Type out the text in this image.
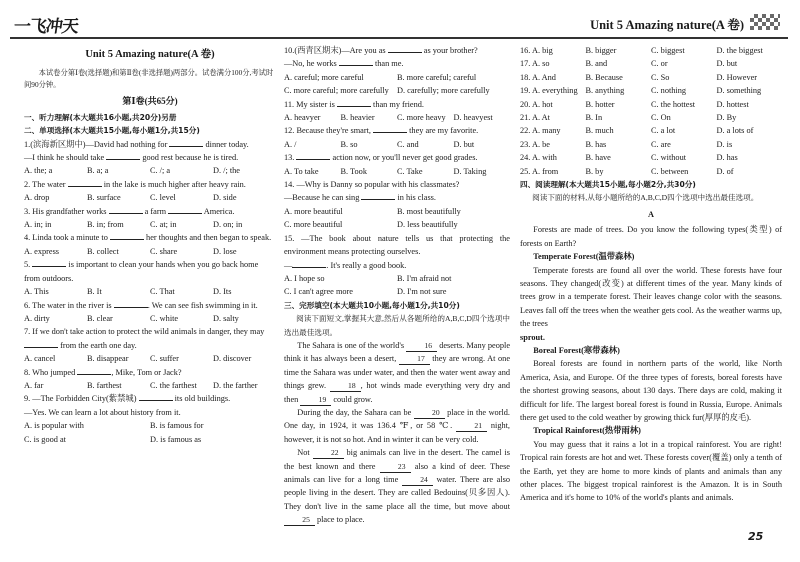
一飞冲天	Unit 5 Amazing nature(A 卷)
Unit 5 Amazing nature(A 卷)
本试卷分第Ⅰ卷(选择题)和第Ⅱ卷(非选择题)两部分。试卷满分100分,考试时间90分钟。
第Ⅰ卷(共65分)
一、听力理解(本大题共16小题,共20分)另册
二、单项选择(本大题共15小题,每小题1分,共15分)
1.(滨海新区期中)—David had nothing for	dinner today.
—I think he should take	good rest because he is tired.
A. the; a	B. a; a	C. /; a	D. /; the
2. The water	in the lake is much higher after heavy rain.
A. drop	B. surface	C. level	D. side
3. His grandfather works	a farm	America.
A. in; in	B. in; from	C. at; in	D. on; in
4. Linda took a minute to	her thoughts and then began to speak.
A. express	B. collect	C. share	D. lose
5.	is important to clean your hands when you go back home from outdoors.
A. This	B. It	C. That	D. Its
6. The water in the river is	. We can see fish swimming in it.
A. dirty	B. clear	C. white	D. salty
7. If we don't take action to protect the wild animals in danger, they may  from the earth one day.
A. cancel	B. disappear	C. suffer	D. discover
8. Who jumped	, Mike, Tom or Jack?
A. far	B. farthest	C. the farthest	D. the farther
9. —The Forbidden City(紫禁城)	its old buildings.
—Yes. We can learn a lot about history from it.
A. is popular with	B. is famous for
C. is good at	D. is famous as
10.(西青区期末)—Are you as	as your brother?
—No, he works	than me.
A. careful; more careful	B. more careful; careful
C. more careful; more carefully D. carefully; more carefully
11. My sister is	than my friend.
A. heavyer	B. heavier	C. more heavy D. heavyest
12. Because they're smart,	they are my favorite.
A. /	B. so	C. and	D. but
13.	action now, or you'll never get good grades.
A. To take	B. Took	C. Take	D. Taking
14. —Why is Danny so popular with his classmates?
—Because he can sing	in his class.
A. more beautiful	B. most beautifully
C. more beautiful	D. less beautifully
15. —The book about nature tells us that protecting the environment means protecting ourselves.
—	. It's really a good book.
A. I hope so	B. I'm afraid not
C. I can't agree more	D. I'm not sure
三、完形填空(本大题共10小题,每小题1分,共10分)
阅读下面短文,掌握其大意,然后从各题所给的A,B,C,D四个选项中选出最佳选项。
The Sahara is one of the world's	16 deserts. Many people think it has always been a desert,	17 they are wrong. At one time the Sahara was under water, and then the water went away and things grew.	18 , hot winds made everything very dry and then	19 could grow.
During the day, the Sahara can be	20 place in the world. One day, in 1924, it was 136.4 ℉, or 58 ℃.	21 night, however, it is not so hot. And in winter it can be very cold.
Not	22 big animals can live in the desert. The camel is the best known and there	23 also a kind of deer. These animals can live for a long time	24 water. There are also people living in the desert. They are called Bedouins(贝多因人). They don't live in the same place all the time, but move about 25 place to place.
16. A. big	B. bigger	C. biggest	D. the biggest
17. A. so	B. and	C. or	D. but
18. A. And	B. Because	C. So	D. However
19. A. everything B. anything	C. nothing	D. something
20. A. hot	B. hotter	C. the hottest	D. hottest
21. A. At	B. In	C. On	D. By
22. A. many	B. much	C. a lot	D. a lots of
23. A. be	B. has	C. are	D. is
24. A. with	B. have	C. without	D. has
25. A. from	B. by	C. between	D. of
四、阅读理解(本大题共15小题,每小题2分,共30分)
阅读下面的材料,从每小题所给的A,B,C,D四个选项中选出最佳选项。
A
Forests are made of trees. Do you know the following types(类型) of forests on Earth?
Temperate Forest(温带森林)
Temperate forests are found all over the world. These forests have four seasons. They changed(改变) at different times of the year. Many kinds of trees grow in a temperate forest. Their leaves change color with the seasons. Leaves fall off the trees when the weather gets cool. As the weather warms up, the trees
sprout.
Boreal Forest(寒带森林)
Boreal forests are found in northern parts of the world, like North America, Asia, and Europe. Of the three types of forests, boreal forests have the shortest growing seasons, about 130 days. There days are cold, making it difficult for life. The largest boreal forest is found in Russia, Europe. Animals there get used to the cold weather by growing thick fur(厚厚的皮毛).
Tropical Rainforest(热带雨林)
You may guess that it rains a lot in a tropical rainforest. You are right! Tropical rain forests are hot and wet. These forests cover(覆盖) only a tenth of the Earth, yet they are home to more kinds of plants and animals than any other places. The biggest tropical rainforest is the Amazon. It is in South America and it's home to 10% of the world's plants and animals.
25
